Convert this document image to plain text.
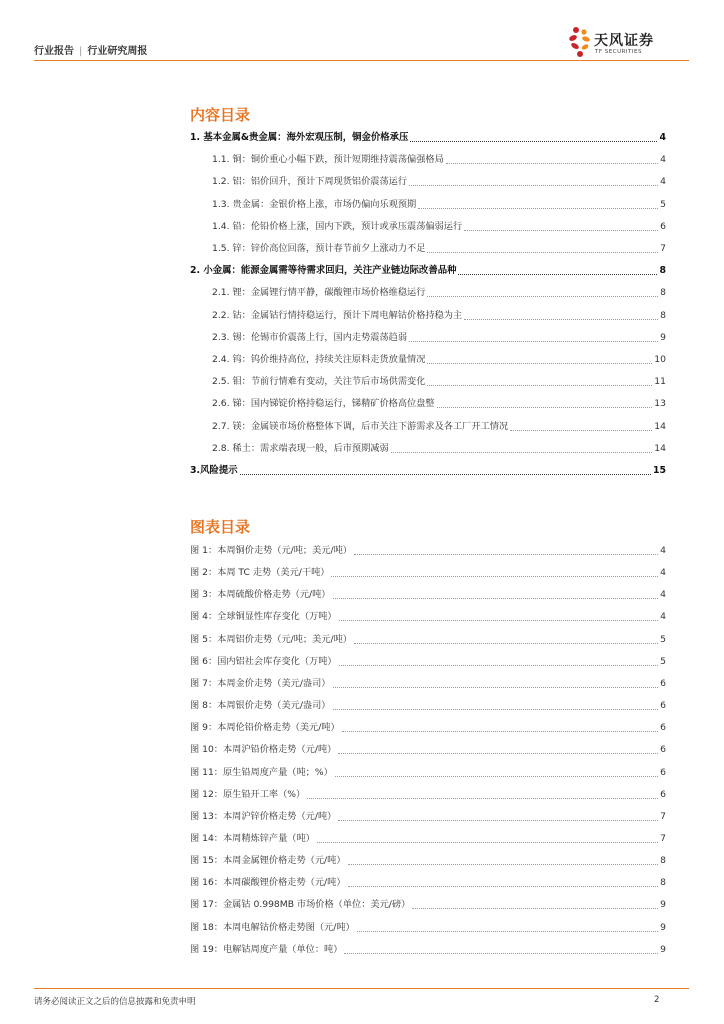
行业报告 | 行业研究周报
天风证券
TF SECURITIES
内容目录
1. 基本金属&贵金属：海外宏观压制，铜金价格承压	4
1.1. 铜：铜价重心小幅下跌，预计短期维持震荡偏强格局	4
1.2. 铝：铝价回升，预计下周现货铝价震荡运行	4
1.3. 贵金属：金银价格上涨，市场仍偏向乐观预期	5
1.4. 铅：伦铅价格上涨，国内下跌，预计或承压震荡偏弱运行	6
1.5. 锌：锌价高位回落，预计春节前夕上涨动力不足	7
2. 小金属：能源金属需等待需求回归，关注产业链边际改善品种	8
2.1. 锂：金属锂行情平静，碳酸锂市场价格维稳运行	8
2.2. 钴：金属钴行情持稳运行，预计下周电解钴价格持稳为主	8
2.3. 锡：伦锡市价震荡上行，国内走势震荡趋弱	9
2.4. 钨：钨价维持高位，持续关注原料走货放量情况	10
2.5. 钼：节前行情难有变动，关注节后市场供需变化	11
2.6. 锑：国内锑锭价格持稳运行，锑精矿价格高位盘整	13
2.7. 镁：金属镁市场价格整体下调，后市关注下游需求及各工厂开工情况	14
2.8. 稀土：需求端表现一般，后市预期减弱	14
3.风险提示	15
图表目录
图 1：本周铜价走势（元/吨；美元/吨）	4
图 2：本周 TC 走势（美元/干吨）	4
图 3：本周硫酸价格走势（元/吨）	4
图 4：全球铜显性库存变化（万吨）	4
图 5：本周铝价走势（元/吨；美元/吨）	5
图 6：国内铝社会库存变化（万吨）	5
图 7：本周金价走势（美元/盎司）	6
图 8：本周银价走势（美元/盎司）	6
图 9：本周伦铅价格走势（美元/吨）	6
图 10：本周沪铅价格走势（元/吨）	6
图 11：原生铅周度产量（吨；%）	6
图 12：原生铅开工率（%）	6
图 13：本周沪锌价格走势（元/吨）	7
图 14：本周精炼锌产量（吨）	7
图 15：本周金属锂价格走势（元/吨）	8
图 16：本周碳酸锂价格走势（元/吨）	8
图 17：金属钴 0.998MB 市场价格（单位：美元/磅）	9
图 18：本周电解钴价格走势图（元/吨）	9
图 19：电解钴周度产量（单位：吨）	9
请务必阅读正文之后的信息披露和免责申明	2
